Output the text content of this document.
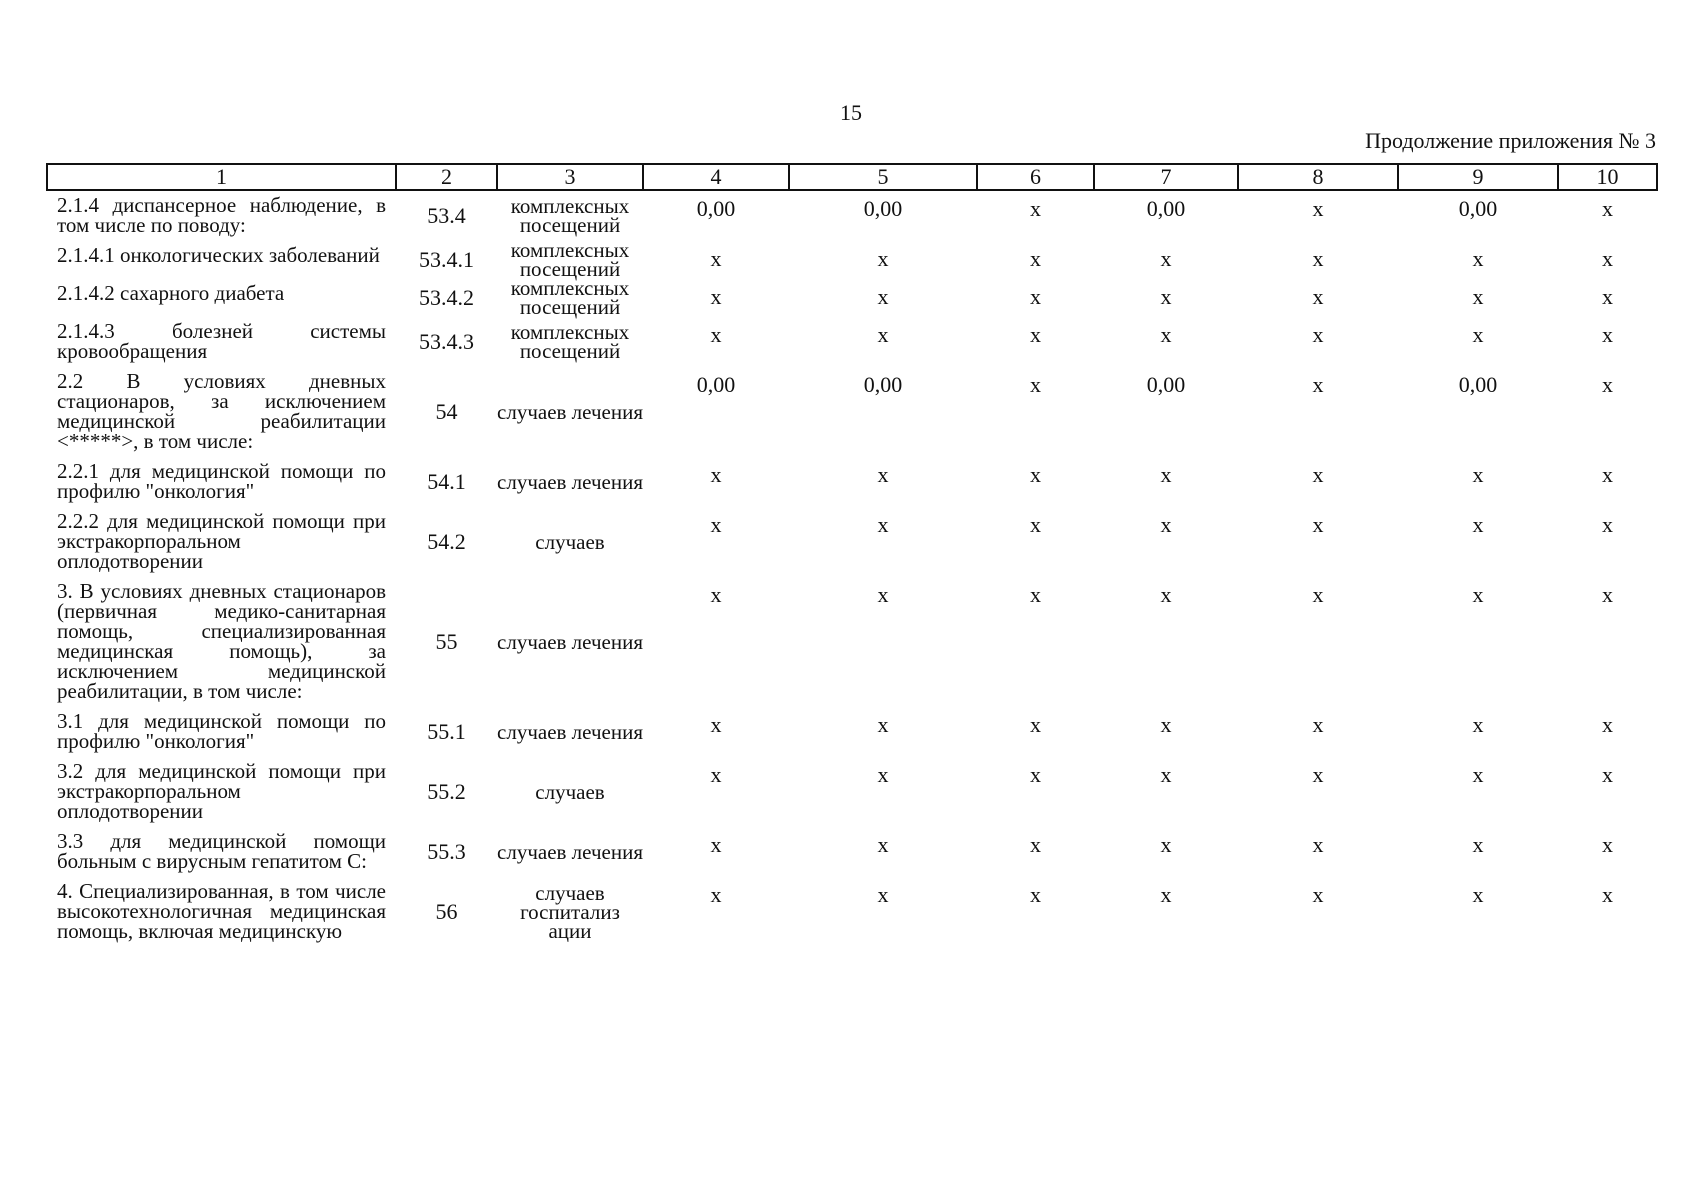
15
Продолжение приложения № 3
1	2	3	4	5	6	7	8	9	10
2.1.4 диспансерное наблюдение, в том числе по поводу:	53.4	комплексных посещений	0,00	0,00	х	0,00	х	0,00	х
2.1.4.1 онкологических заболеваний	53.4.1	комплексных посещений	х	х	х	х	х	х	х
2.1.4.2 сахарного диабета	53.4.2	комплексных посещений	х	х	х	х	х	х	х
2.1.4.3 болезней системы кровообращения	53.4.3	комплексных посещений	х	х	х	х	х	х	х
2.2 В условиях дневных стационаров, за исключением медицинской реабилитации <*****>, в том числе:	54	случаев лечения	0,00	0,00	х	0,00	х	0,00	х
2.2.1 для медицинской помощи по профилю "онкология"	54.1	случаев лечения	х	х	х	х	х	х	х
2.2.2 для медицинской помощи при экстракорпоральном оплодотворении	54.2	случаев	х	х	х	х	х	х	х
3. В условиях дневных стационаров (первичная медико-санитарная помощь, специализированная медицинская помощь), за исключением медицинской реабилитации, в том числе:	55	случаев лечения	х	х	х	х	х	х	х
3.1 для медицинской помощи по профилю "онкология"	55.1	случаев лечения	х	х	х	х	х	х	х
3.2 для медицинской помощи при экстракорпоральном оплодотворении	55.2	случаев	х	х	х	х	х	х	х
3.3 для медицинской помощи больным с вирусным гепатитом С:	55.3	случаев лечения	х	х	х	х	х	х	х
4. Специализированная, в том числе высокотехнологичная медицинская помощь, включая медицинскую	56	случаев госпитализ ации	х	х	х	х	х	х	х
